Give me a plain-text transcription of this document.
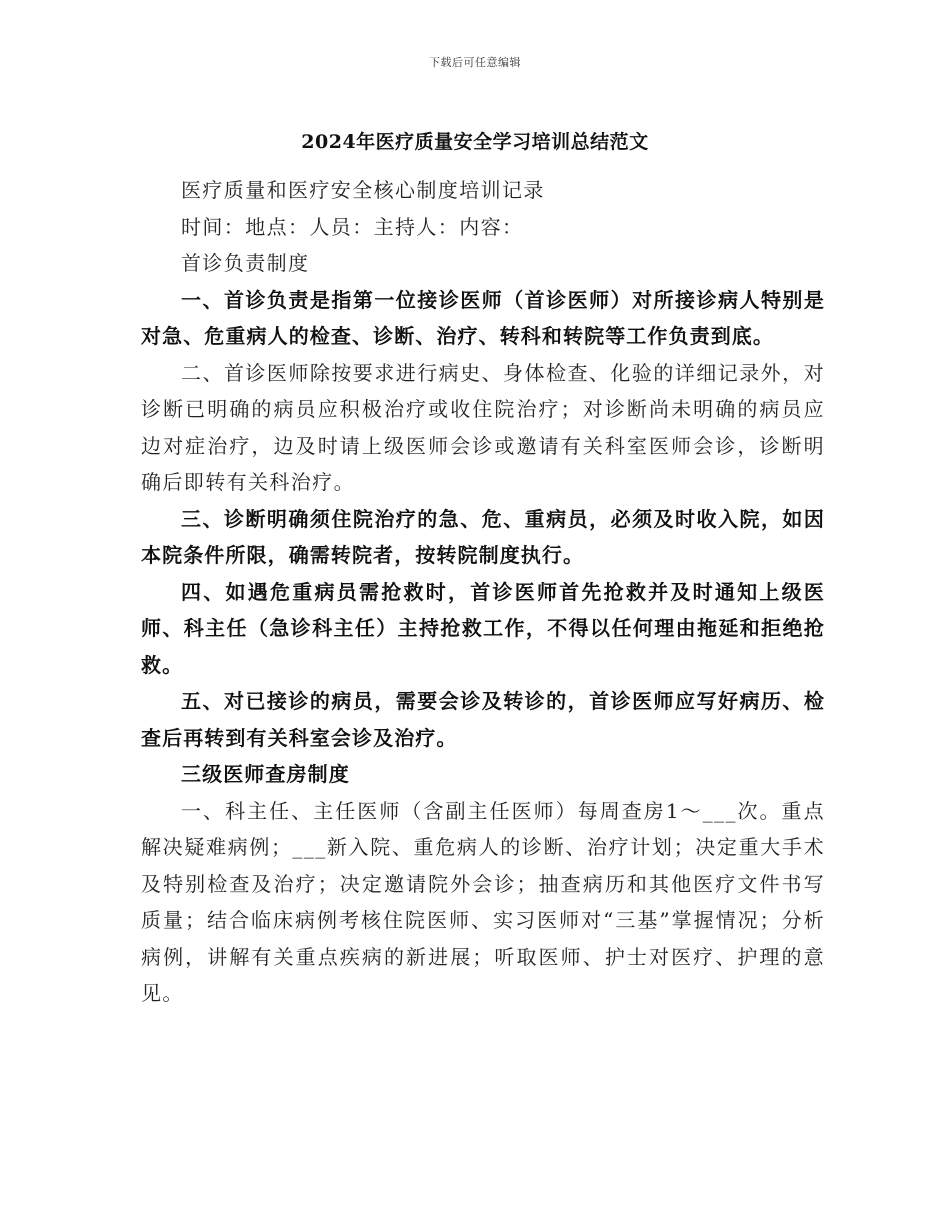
下载后可任意编辑
2024年医疗质量安全学习培训总结范文

医疗质量和医疗安全核心制度培训记录

时间：地点：人员：主持人：内容：

首诊负责制度

一、首诊负责是指第一位接诊医师（首诊医师）对所接诊病人特别是对急、危重病人的检查、诊断、治疗、转科和转院等工作负责到底。

二、首诊医师除按要求进行病史、身体检查、化验的详细记录外，对诊断已明确的病员应积极治疗或收住院治疗；对诊断尚未明确的病员应边对症治疗，边及时请上级医师会诊或邀请有关科室医师会诊，诊断明确后即转有关科治疗。

三、诊断明确须住院治疗的急、危、重病员，必须及时收入院，如因本院条件所限，确需转院者，按转院制度执行。

四、如遇危重病员需抢救时，首诊医师首先抢救并及时通知上级医师、科主任（急诊科主任）主持抢救工作，不得以任何理由拖延和拒绝抢救。

五、对已接诊的病员，需要会诊及转诊的，首诊医师应写好病历、检查后再转到有关科室会诊及治疗。

三级医师查房制度

一、科主任、主任医师（含副主任医师）每周查房1～___次。重点解决疑难病例；___新入院、重危病人的诊断、治疗计划；决定重大手术及特别检查及治疗；决定邀请院外会诊；抽查病历和其他医疗文件书写质量；结合临床病例考核住院医师、实习医师对“三基”掌握情况；分析病例，讲解有关重点疾病的新进展；听取医师、护士对医疗、护理的意见。
